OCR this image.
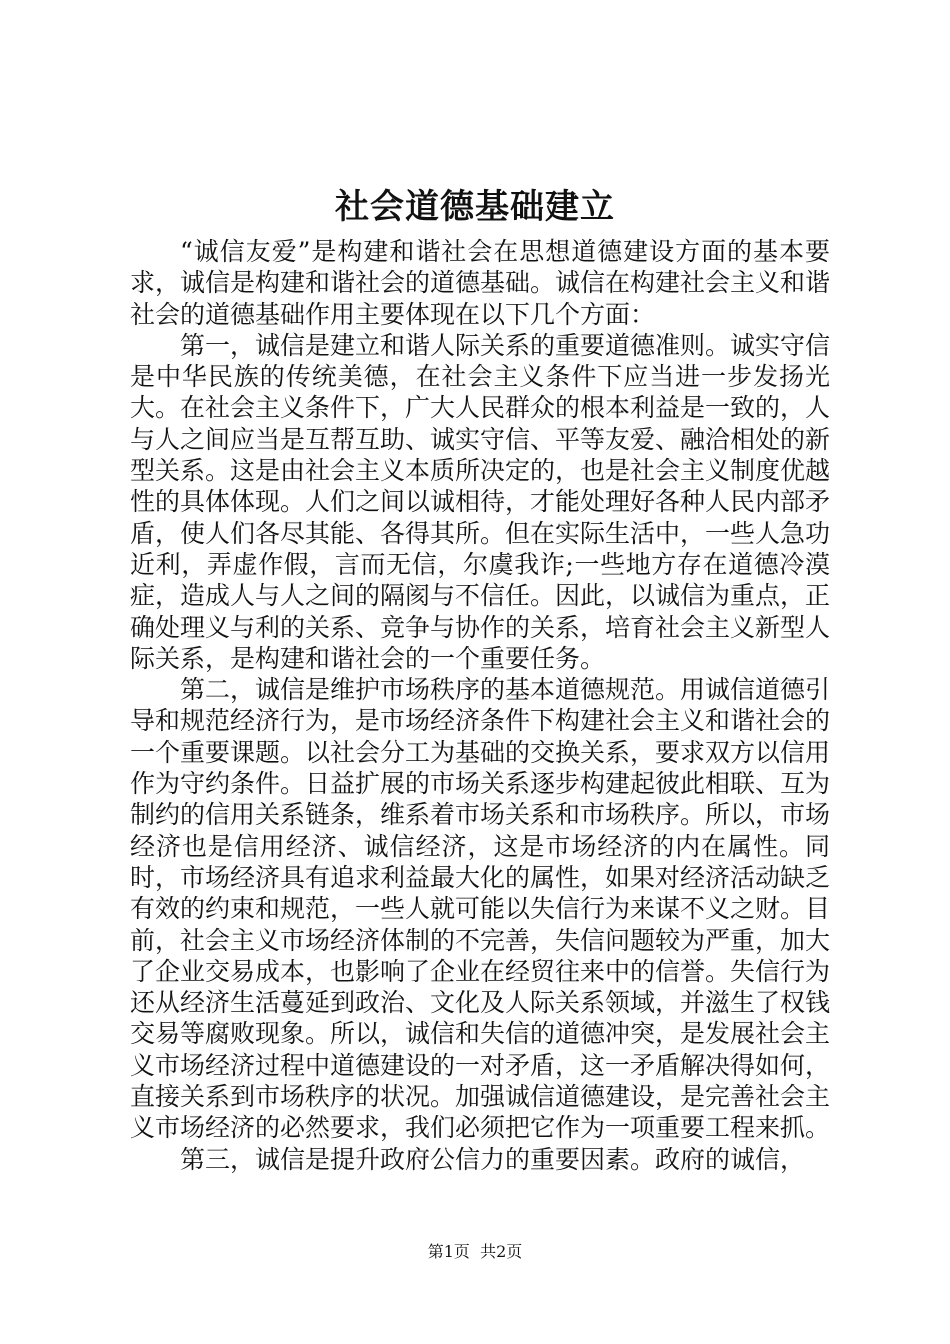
社会道德基础建立

“诚信友爱”是构建和谐社会在思想道德建设方面的基本要求，诚信是构建和谐社会的道德基础。诚信在构建社会主义和谐社会的道德基础作用主要体现在以下几个方面：

第一，诚信是建立和谐人际关系的重要道德准则。诚实守信是中华民族的传统美德，在社会主义条件下应当进一步发扬光大。在社会主义条件下，广大人民群众的根本利益是一致的，人与人之间应当是互帮互助、诚实守信、平等友爱、融洽相处的新型关系。这是由社会主义本质所决定的，也是社会主义制度优越性的具体体现。人们之间以诚相待，才能处理好各种人民内部矛盾，使人们各尽其能、各得其所。但在实际生活中，一些人急功近利，弄虚作假，言而无信，尔虞我诈;一些地方存在道德冷漠症，造成人与人之间的隔阂与不信任。因此，以诚信为重点，正确处理义与利的关系、竞争与协作的关系，培育社会主义新型人际关系，是构建和谐社会的一个重要任务。

第二，诚信是维护市场秩序的基本道德规范。用诚信道德引导和规范经济行为，是市场经济条件下构建社会主义和谐社会的一个重要课题。以社会分工为基础的交换关系，要求双方以信用作为守约条件。日益扩展的市场关系逐步构建起彼此相联、互为制约的信用关系链条，维系着市场关系和市场秩序。所以，市场经济也是信用经济、诚信经济，这是市场经济的内在属性。同时，市场经济具有追求利益最大化的属性，如果对经济活动缺乏有效的约束和规范，一些人就可能以失信行为来谋不义之财。目前，社会主义市场经济体制的不完善，失信问题较为严重，加大了企业交易成本，也影响了企业在经贸往来中的信誉。失信行为还从经济生活蔓延到政治、文化及人际关系领域，并滋生了权钱交易等腐败现象。所以，诚信和失信的道德冲突，是发展社会主义市场经济过程中道德建设的一对矛盾，这一矛盾解决得如何，直接关系到市场秩序的状况。加强诚信道德建设，是完善社会主义市场经济的必然要求，我们必须把它作为一项重要工程来抓。

第三，诚信是提升政府公信力的重要因素。政府的诚信，

第1页  共2页
